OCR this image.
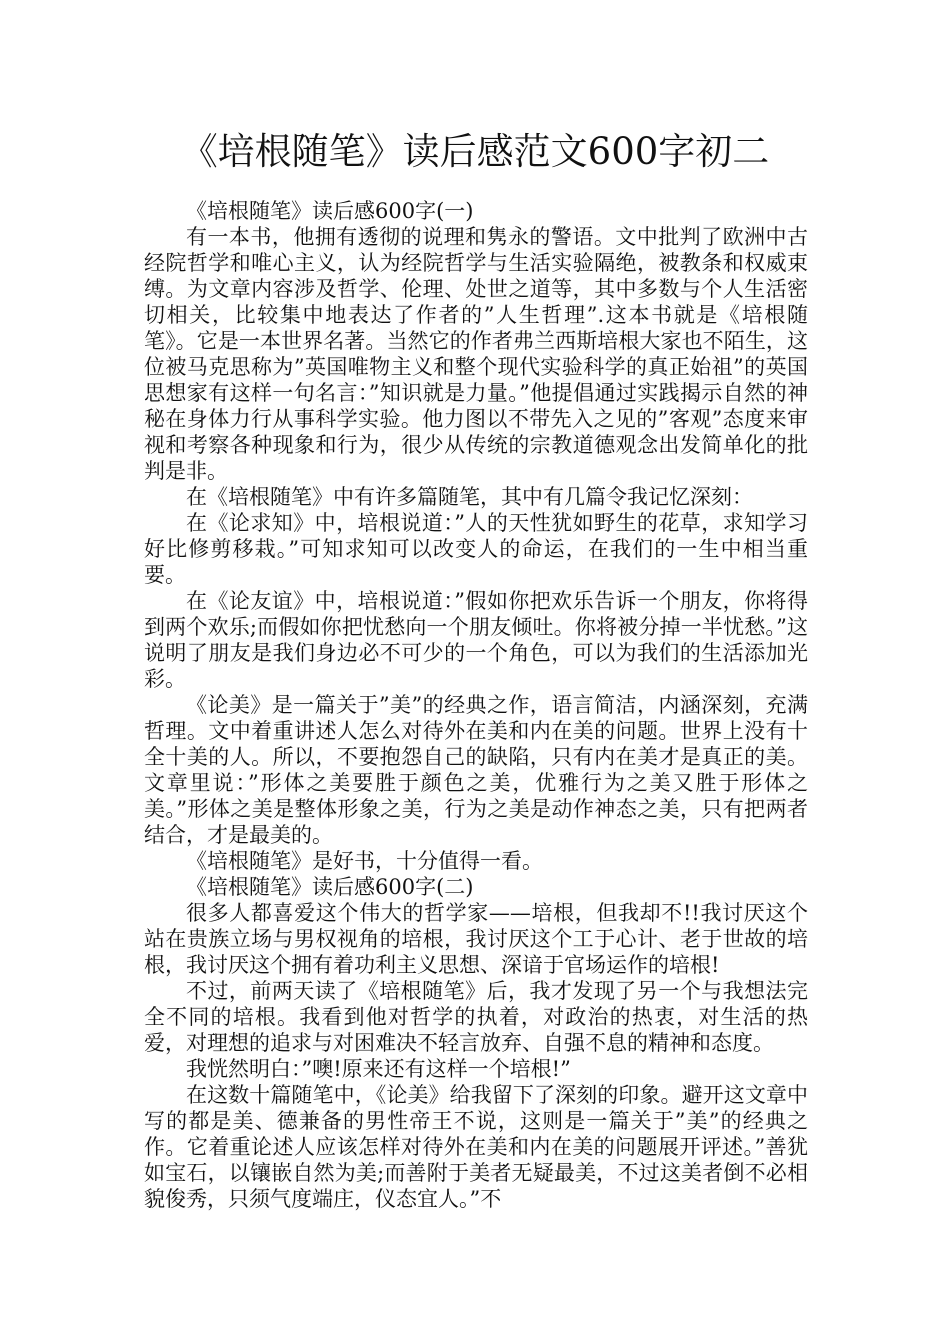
《培根随笔》读后感范文600字初二

《培根随笔》读后感600字(一)

有一本书，他拥有透彻的说理和隽永的警语。文中批判了欧洲中古经院哲学和唯心主义，认为经院哲学与生活实验隔绝，被教条和权威束缚。为文章内容涉及哲学、伦理、处世之道等，其中多数与个人生活密切相关，比较集中地表达了作者的”人生哲理”.这本书就是《培根随笔》。它是一本世界名著。当然它的作者弗兰西斯培根大家也不陌生，这位被马克思称为”英国唯物主义和整个现代实验科学的真正始祖”的英国思想家有这样一句名言：”知识就是力量。”他提倡通过实践揭示自然的神秘在身体力行从事科学实验。他力图以不带先入之见的”客观”态度来审视和考察各种现象和行为，很少从传统的宗教道德观念出发简单化的批判是非。

在《培根随笔》中有许多篇随笔，其中有几篇令我记忆深刻：

在《论求知》中，培根说道：”人的天性犹如野生的花草，求知学习好比修剪移栽。”可知求知可以改变人的命运，在我们的一生中相当重要。

在《论友谊》中，培根说道：”假如你把欢乐告诉一个朋友，你将得到两个欢乐;而假如你把忧愁向一个朋友倾吐。你将被分掉一半忧愁。”这说明了朋友是我们身边必不可少的一个角色，可以为我们的生活添加光彩。

《论美》是一篇关于”美”的经典之作，语言简洁，内涵深刻，充满哲理。文中着重讲述人怎么对待外在美和内在美的问题。世界上没有十全十美的人。所以，不要抱怨自己的缺陷，只有内在美才是真正的美。文章里说：”形体之美要胜于颜色之美，优雅行为之美又胜于形体之美。”形体之美是整体形象之美，行为之美是动作神态之美，只有把两者结合，才是最美的。

《培根随笔》是好书，十分值得一看。

《培根随笔》读后感600字(二)

很多人都喜爱这个伟大的哲学家——培根，但我却不!!我讨厌这个站在贵族立场与男权视角的培根，我讨厌这个工于心计、老于世故的培根，我讨厌这个拥有着功利主义思想、深谙于官场运作的培根!

不过，前两天读了《培根随笔》后，我才发现了另一个与我想法完全不同的培根。我看到他对哲学的执着，对政治的热衷，对生活的热爱，对理想的追求与对困难决不轻言放弃、自强不息的精神和态度。

我恍然明白：”噢!原来还有这样一个培根!”

在这数十篇随笔中，《论美》给我留下了深刻的印象。避开这文章中写的都是美、德兼备的男性帝王不说，这则是一篇关于”美”的经典之作。它着重论述人应该怎样对待外在美和内在美的问题展开评述。”善犹如宝石，以镶嵌自然为美;而善附于美者无疑最美，不过这美者倒不必相貌俊秀，只须气度端庄，仪态宜人。”不
